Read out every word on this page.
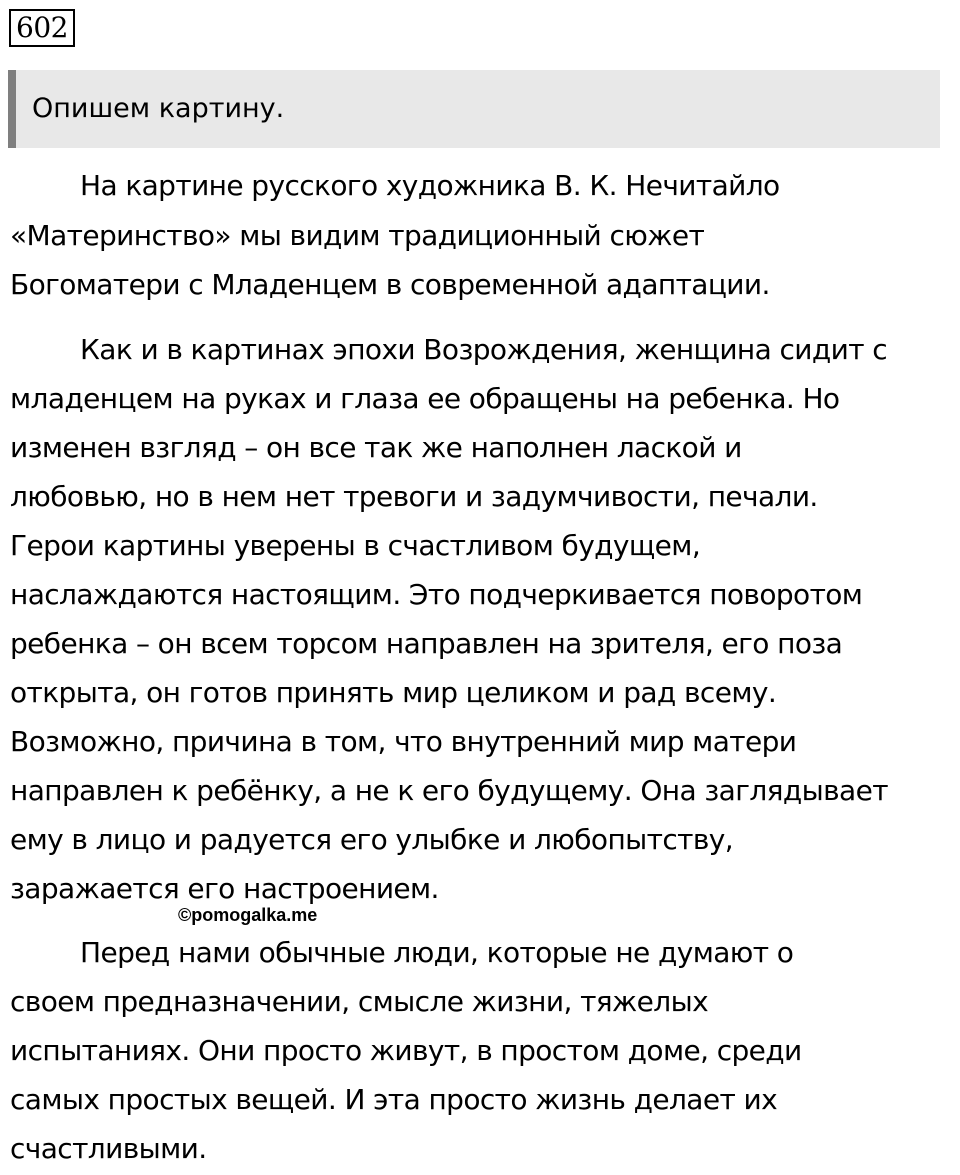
602
Опишем картину.
На картине русского художника В. К. Нечитайло
«Материнство» мы видим традиционный сюжет
Богоматери с Младенцем в современной адаптации.
Как и в картинах эпохи Возрождения, женщина сидит с
младенцем на руках и глаза ее обращены на ребенка. Но
изменен взгляд – он все так же наполнен лаской и
любовью, но в нем нет тревоги и задумчивости, печали.
Герои картины уверены в счастливом будущем,
наслаждаются настоящим. Это подчеркивается поворотом
ребенка – он всем торсом направлен на зрителя, его поза
открыта, он готов принять мир целиком и рад всему.
Возможно, причина в том, что внутренний мир матери
направлен к ребёнку, а не к его будущему. Она заглядывает
ему в лицо и радуется его улыбке и любопытству,
заражается его настроением.
©pomogalka.me
Перед нами обычные люди, которые не думают о
своем предназначении, смысле жизни, тяжелых
испытаниях. Они просто живут, в простом доме, среди
самых простых вещей. И эта просто жизнь делает их
счастливыми.
